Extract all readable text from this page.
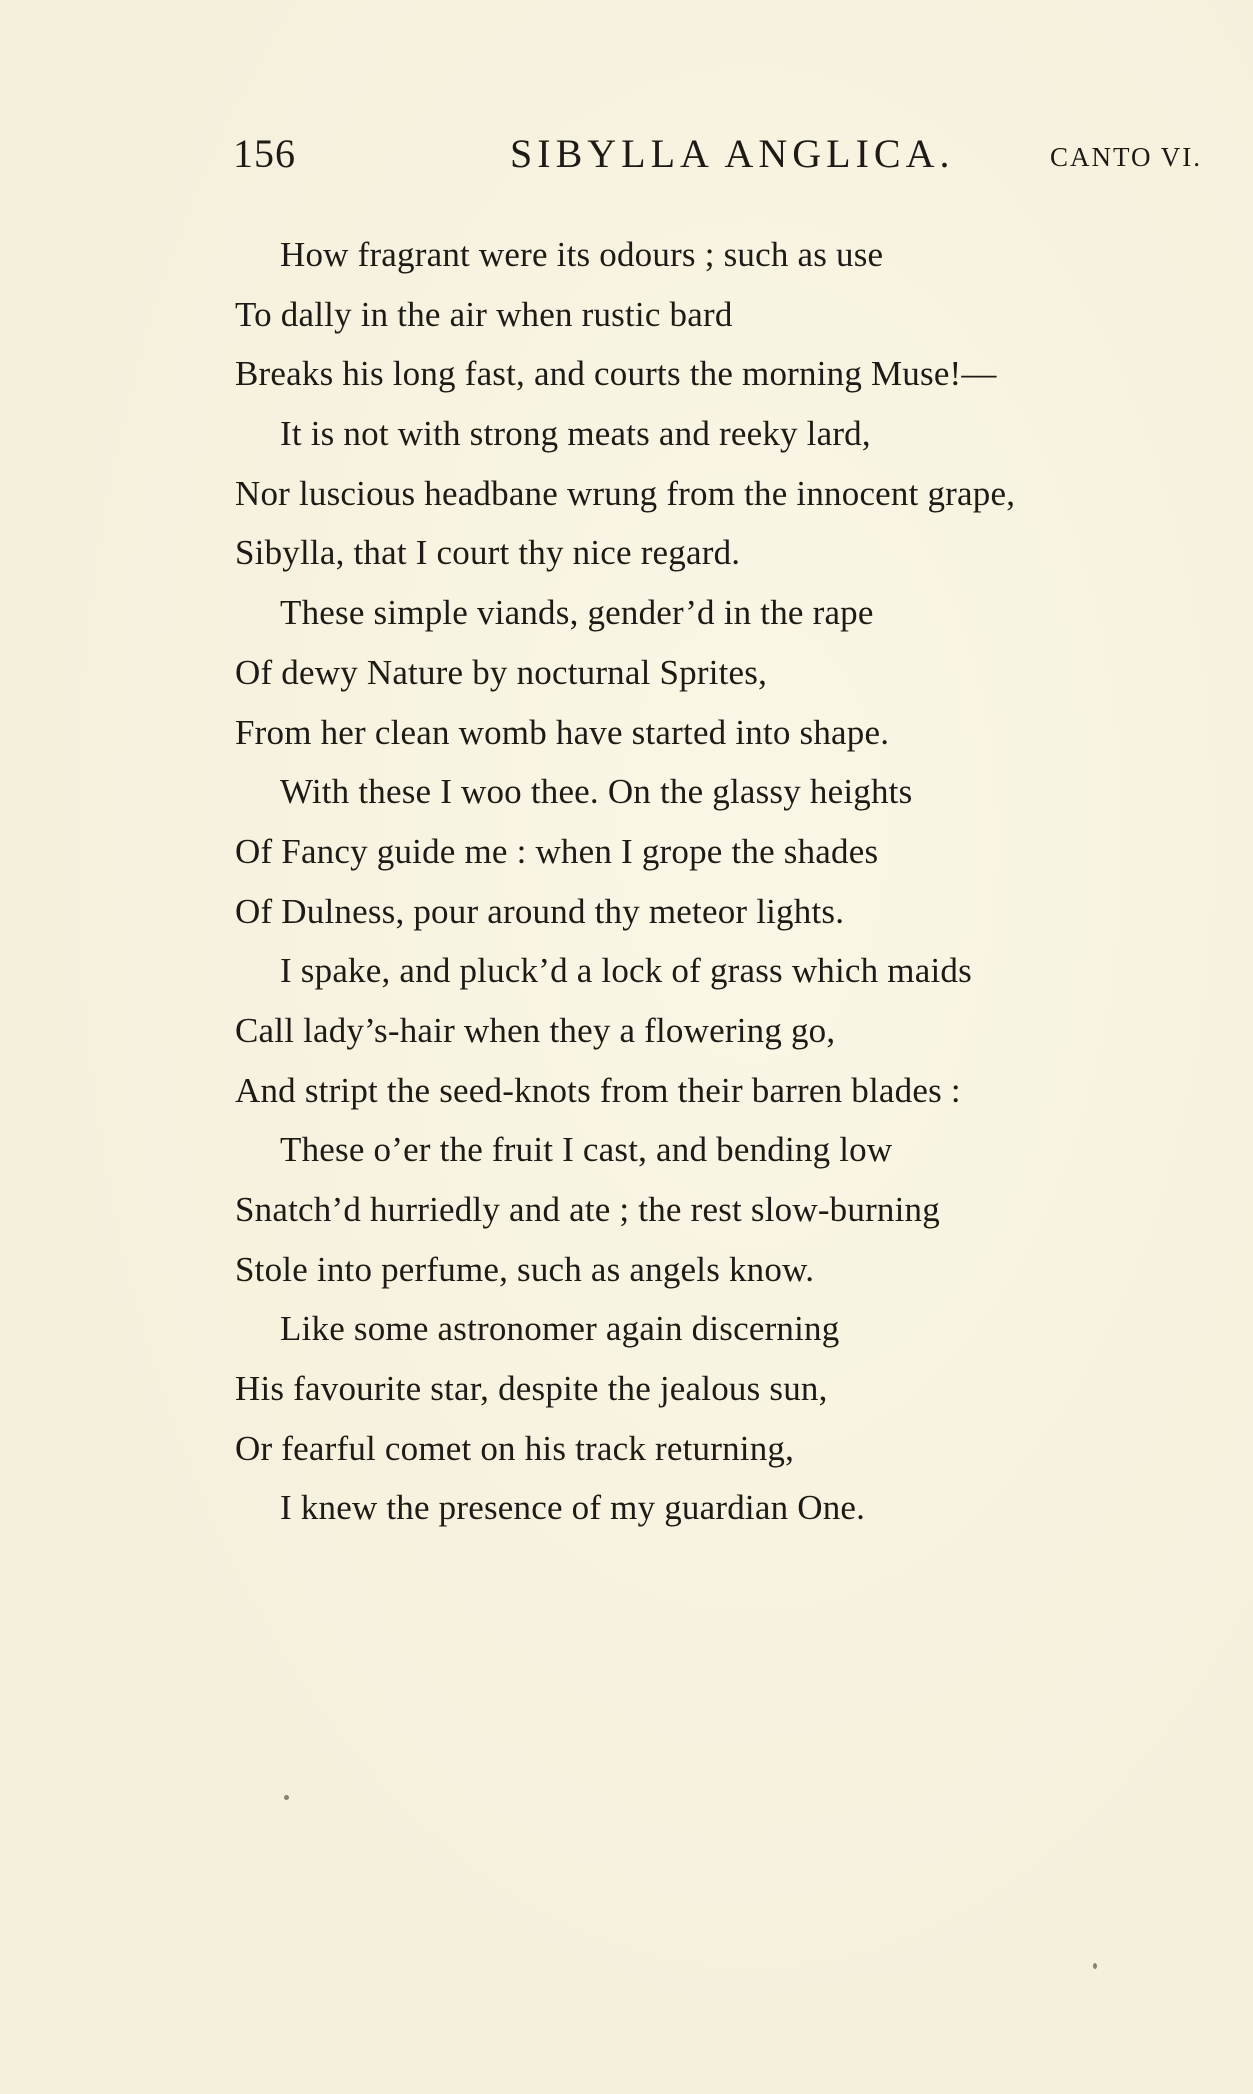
156	SIBYLLA ANGLICA.	CANTO VI.
How fragrant were its odours ; such as use
To dally in the air when rustic bard
Breaks his long fast, and courts the morning Muse!—
It is not with strong meats and reeky lard,
Nor luscious headbane wrung from the innocent grape,
Sibylla, that I court thy nice regard.
These simple viands, gender’d in the rape
Of dewy Nature by nocturnal Sprites,
From her clean womb have started into shape.
With these I woo thee. On the glassy heights
Of Fancy guide me : when I grope the shades
Of Dulness, pour around thy meteor lights.
I spake, and pluck’d a lock of grass which maids
Call lady’s-hair when they a flowering go,
And stript the seed-knots from their barren blades :
These o’er the fruit I cast, and bending low
Snatch’d hurriedly and ate ; the rest slow-burning
Stole into perfume, such as angels know.
Like some astronomer again discerning
His favourite star, despite the jealous sun,
Or fearful comet on his track returning,
I knew the presence of my guardian One.
